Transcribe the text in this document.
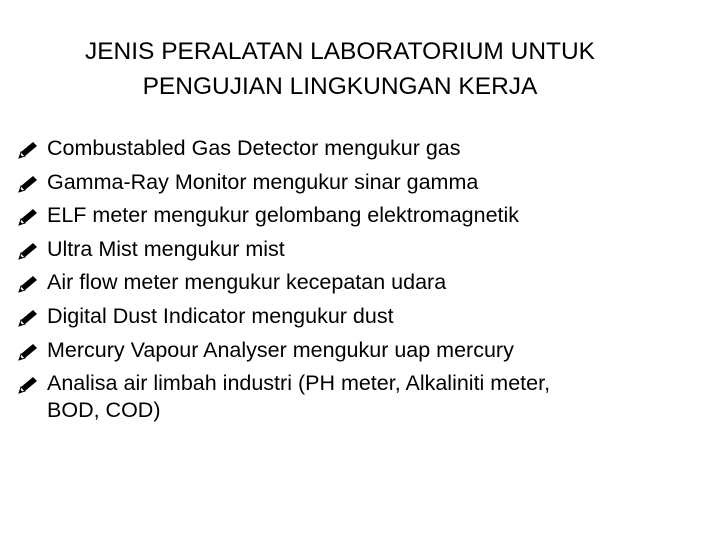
JENIS PERALATAN LABORATORIUM UNTUK
PENGUJIAN LINGKUNGAN KERJA
Combustabled Gas Detector mengukur gas
Gamma-Ray Monitor mengukur sinar gamma
ELF meter mengukur gelombang elektromagnetik
Ultra Mist mengukur mist
Air flow meter mengukur kecepatan udara
Digital Dust Indicator mengukur dust
Mercury Vapour Analyser mengukur uap mercury
Analisa air limbah industri (PH meter, Alkaliniti meter,
BOD, COD)
